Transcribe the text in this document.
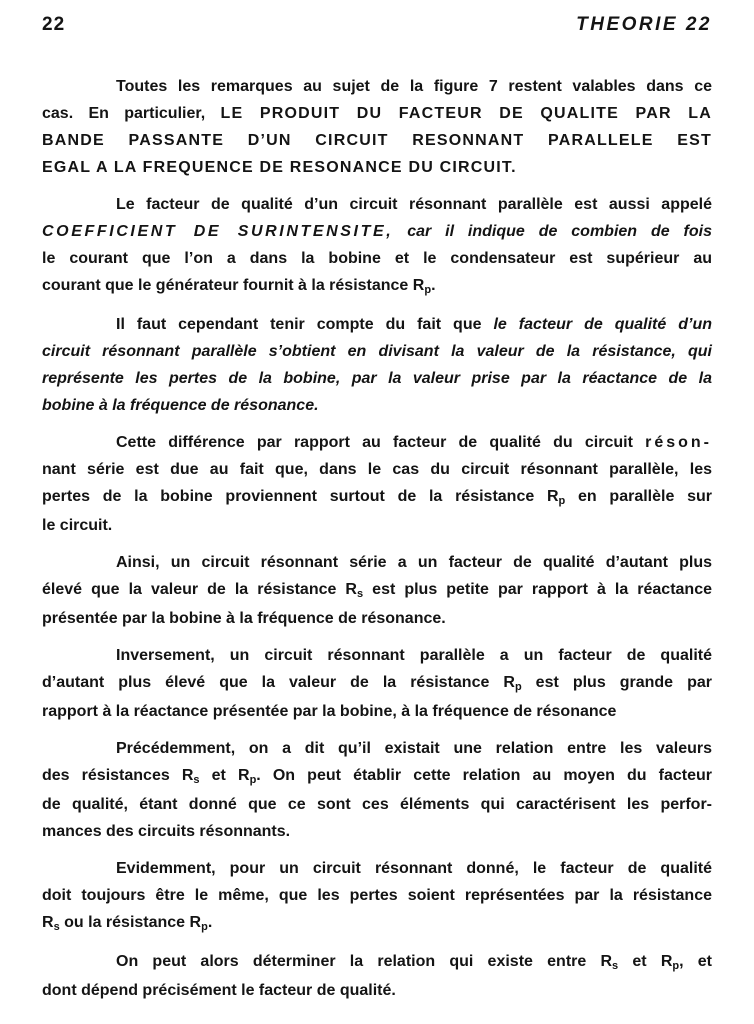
22	THEORIE 22
Toutes les remarques au sujet de la figure 7 restent valables dans ce
cas. En particulier, LE PRODUIT DU FACTEUR DE QUALITE PAR LA
BANDE PASSANTE D’UN CIRCUIT RESONNANT PARALLELE EST
EGAL A LA FREQUENCE DE RESONANCE DU CIRCUIT.
Le facteur de qualité d’un circuit résonnant parallèle est aussi appelé
COEFFICIENT DE SURINTENSITE, car il indique de combien de fois
le courant que l’on a dans la bobine et le condensateur est supérieur au
courant que le générateur fournit à la résistance Rp.
Il faut cependant tenir compte du fait que le facteur de qualité d’un
circuit résonnant parallèle s’obtient en divisant la valeur de la résistance, qui
représente les pertes de la bobine, par la valeur prise par la réactance de la
bobine à la fréquence de résonance.
Cette différence par rapport au facteur de qualité du circuit réson-
nant série est due au fait que, dans le cas du circuit résonnant parallèle, les
pertes de la bobine proviennent surtout de la résistance Rp en parallèle sur
le circuit.
Ainsi, un circuit résonnant série a un facteur de qualité d’autant plus
élevé que la valeur de la résistance Rs est plus petite par rapport à la réactance
présentée par la bobine à la fréquence de résonance.
Inversement, un circuit résonnant parallèle a un facteur de qualité
d’autant plus élevé que la valeur de la résistance Rp est plus grande par
rapport à la réactance présentée par la bobine, à la fréquence de résonance
Précédemment, on a dit qu’il existait une relation entre les valeurs
des résistances Rs et Rp. On peut établir cette relation au moyen du facteur
de qualité, étant donné que ce sont ces éléments qui caractérisent les perfor-
mances des circuits résonnants.
Evidemment, pour un circuit résonnant donné, le facteur de qualité
doit toujours être le même, que les pertes soient représentées par la résistance
Rs ou la résistance Rp.
On peut alors déterminer la relation qui existe entre Rs et Rp, et
dont dépend précisément le facteur de qualité.
